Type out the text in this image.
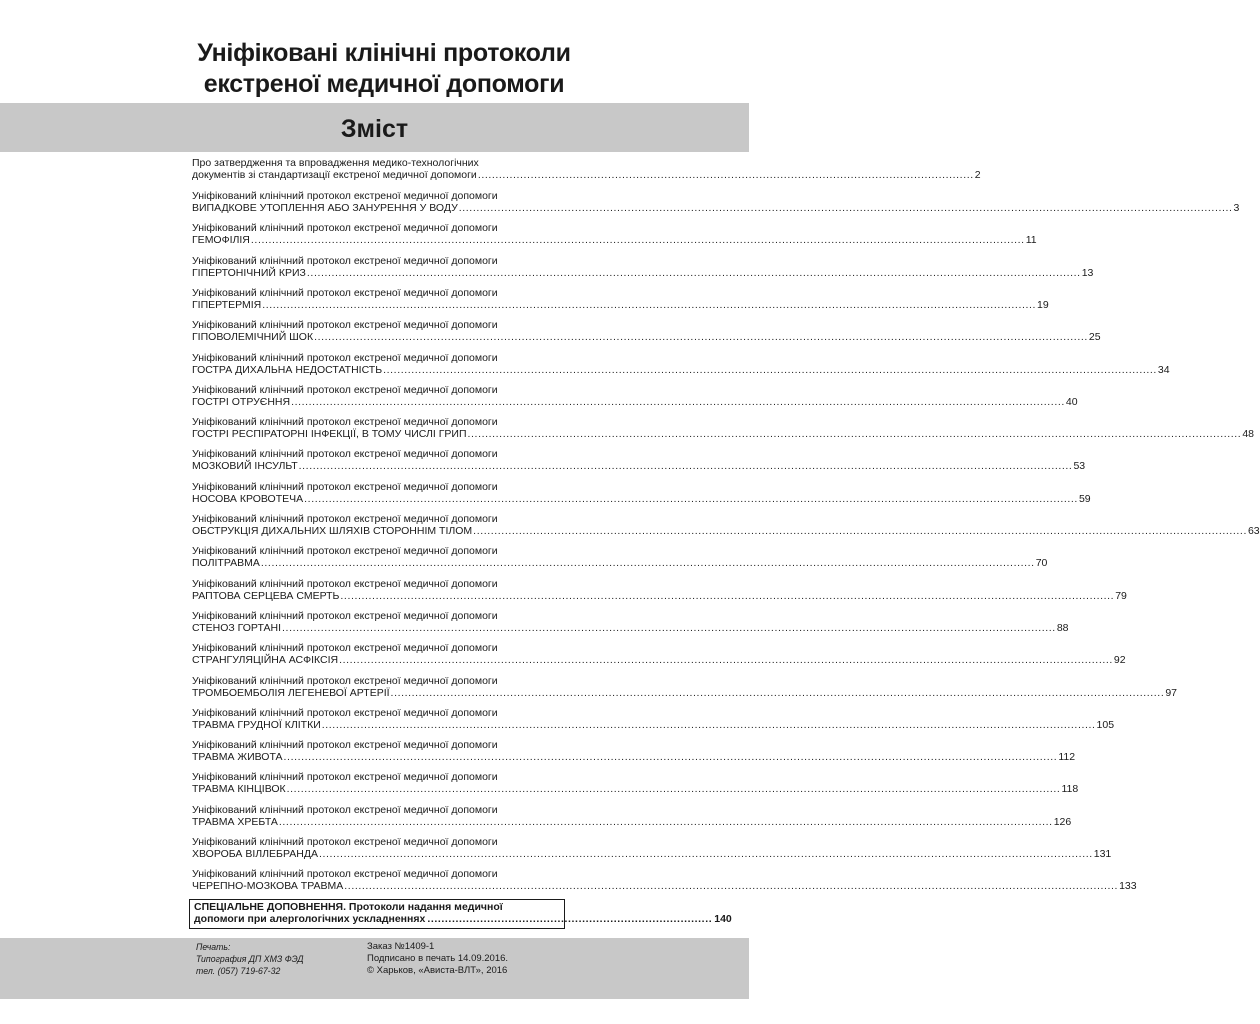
Уніфіковані клінічні протоколи
екстреної медичної допомоги
Зміст
Про затвердження та впровадження медико-технологічних
документів зі стандартизації екстреної медичної допомоги ............................................................................................................................................. 2
Уніфікований клінічний протокол екстреної медичної допомоги
ВИПАДКОВЕ УТОПЛЕННЯ АБО ЗАНУРЕННЯ У ВОДУ ............................................................................................................................................................................................................................ 3
Уніфікований клінічний протокол екстреної медичної допомоги
ГЕМОФІЛІЯ ............................................................................................................................................................................................................................ 11
Уніфікований клінічний протокол екстреної медичної допомоги
ГІПЕРТОНІЧНИЙ КРИЗ ............................................................................................................................................................................................................................ 13
Уніфікований клінічний протокол екстреної медичної допомоги
ГІПЕРТЕРМІЯ ............................................................................................................................................................................................................................ 19
Уніфікований клінічний протокол екстреної медичної допомоги
ГІПОВОЛЕМІЧНИЙ ШОК ............................................................................................................................................................................................................................ 25
Уніфікований клінічний протокол екстреної медичної допомоги
ГОСТРА ДИХАЛЬНА НЕДОСТАТНІСТЬ ............................................................................................................................................................................................................................ 34
Уніфікований клінічний протокол екстреної медичної допомоги
ГОСТРІ ОТРУЄННЯ ............................................................................................................................................................................................................................ 40
Уніфікований клінічний протокол екстреної медичної допомоги
ГОСТРІ РЕСПІРАТОРНІ ІНФЕКЦІЇ, В ТОМУ ЧИСЛІ ГРИП ............................................................................................................................................................................................................................ 48
Уніфікований клінічний протокол екстреної медичної допомоги
МОЗКОВИЙ ІНСУЛЬТ ............................................................................................................................................................................................................................ 53
Уніфікований клінічний протокол екстреної медичної допомоги
НОСОВА КРОВОТЕЧА ............................................................................................................................................................................................................................ 59
Уніфікований клінічний протокол екстреної медичної допомоги
ОБСТРУКЦІЯ ДИХАЛЬНИХ ШЛЯХІВ СТОРОННІМ ТІЛОМ ............................................................................................................................................................................................................................ 63
Уніфікований клінічний протокол екстреної медичної допомоги
ПОЛІТРАВМА ............................................................................................................................................................................................................................ 70
Уніфікований клінічний протокол екстреної медичної допомоги
РАПТОВА СЕРЦЕВА СМЕРТЬ ............................................................................................................................................................................................................................ 79
Уніфікований клінічний протокол екстреної медичної допомоги
СТЕНОЗ ГОРТАНІ ............................................................................................................................................................................................................................ 88
Уніфікований клінічний протокол екстреної медичної допомоги
СТРАНГУЛЯЦІЙНА АСФІКСІЯ ............................................................................................................................................................................................................................ 92
Уніфікований клінічний протокол екстреної медичної допомоги
ТРОМБОЕМБОЛІЯ ЛЕГЕНЕВОЇ АРТЕРІЇ ............................................................................................................................................................................................................................ 97
Уніфікований клінічний протокол екстреної медичної допомоги
ТРАВМА ГРУДНОЇ КЛІТКИ ............................................................................................................................................................................................................................ 105
Уніфікований клінічний протокол екстреної медичної допомоги
ТРАВМА ЖИВОТА ............................................................................................................................................................................................................................ 112
Уніфікований клінічний протокол екстреної медичної допомоги
ТРАВМА КІНЦІВОК ............................................................................................................................................................................................................................ 118
Уніфікований клінічний протокол екстреної медичної допомоги
ТРАВМА ХРЕБТА ............................................................................................................................................................................................................................ 126
Уніфікований клінічний протокол екстреної медичної допомоги
ХВОРОБА ВІЛЛЕБРАНДА ............................................................................................................................................................................................................................ 131
Уніфікований клінічний протокол екстреної медичної допомоги
ЧЕРЕПНО-МОЗКОВА ТРАВМА ............................................................................................................................................................................................................................ 133
СПЕЦІАЛЬНЕ ДОПОВНЕННЯ. Протоколи надання медичної
допомоги при алергологічних ускладненнях ................................................................................. 140
Печать:
Типография ДП ХМЗ ФЭД
тел. (057) 719-67-32
Заказ №1409-1
Подписано в печать 14.09.2016.
© Харьков, «Ависта-ВЛТ», 2016
